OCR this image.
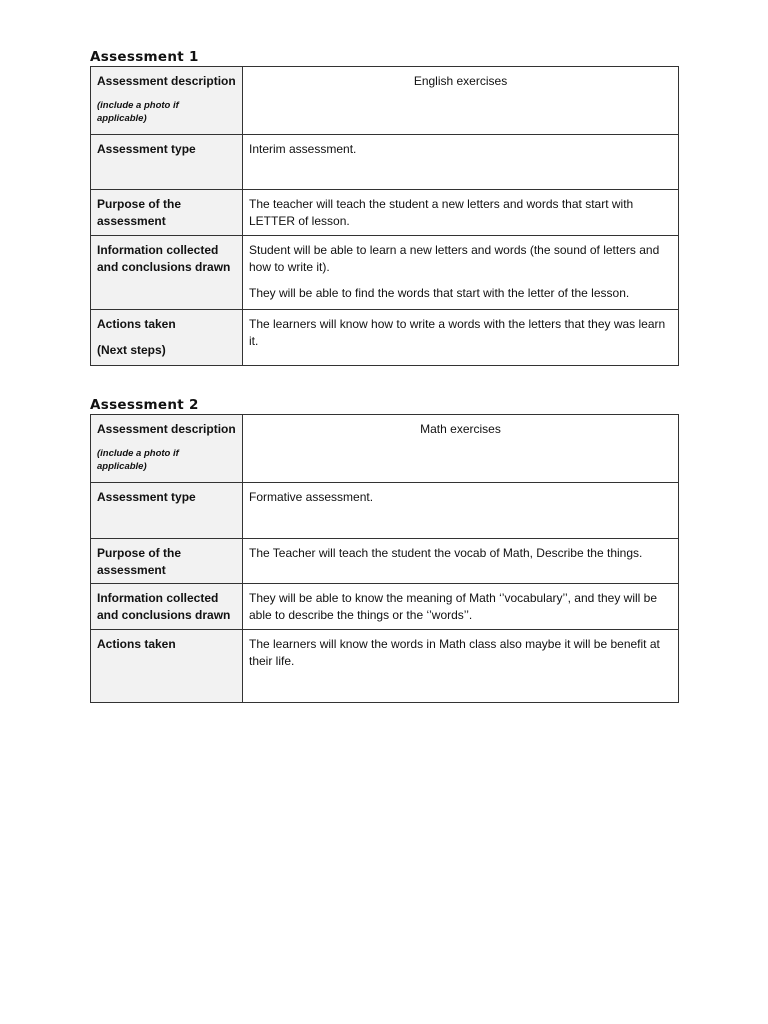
Assessment 1
Assessment description
(include a photo if applicable)	English exercises
Assessment type	Interim assessment.
Purpose of the assessment	The teacher will teach the student a new letters and words that start with LETTER of lesson.
Information collected and conclusions drawn	Student will be able to learn a new letters and words (the sound of letters and how to write it).
They will be able to find the words that start with the letter of the lesson.

Actions taken
(Next steps)	The learners will know how to write a words with the letters that they was learn it.
Assessment 2
Assessment description
(include a photo if applicable)	Math exercises
Assessment type	Formative assessment.
Purpose of the assessment	The Teacher will teach the student the vocab of Math, Describe the things.
Information collected and conclusions drawn	They will be able to know the meaning of Math ‘’vocabulary’’, and they will be able to describe the things or the ‘’words’’.
Actions taken	The learners will know the words in Math class also maybe it will be benefit at their life.
